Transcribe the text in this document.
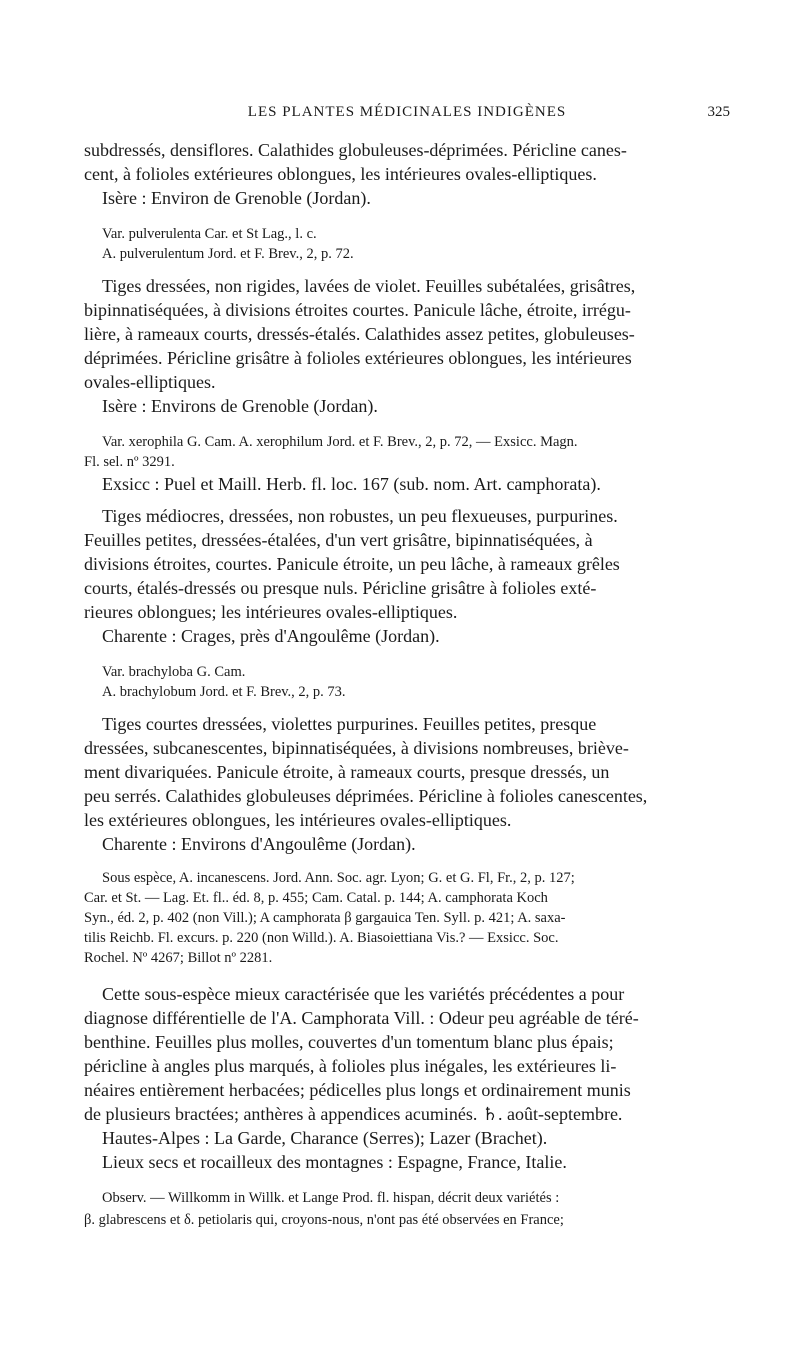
LES PLANTES MÉDICINALES INDIGÈNES	325
subdressés, densiflores. Calathides globuleuses-déprimées. Péricline canes-
cent, à folioles extérieures oblongues, les intérieures ovales-elliptiques.
Isère : Environ de Grenoble (Jordan).
Var. pulverulenta Car. et St Lag., l. c.
A. pulverulentum Jord. et F. Brev., 2, p. 72.
Tiges dressées, non rigides, lavées de violet. Feuilles subétalées, grisâtres,
bipinnatiséquées, à divisions étroites courtes. Panicule lâche, étroite, irrégu-
lière, à rameaux courts, dressés-étalés. Calathides assez petites, globuleuses-
déprimées. Péricline grisâtre à folioles extérieures oblongues, les intérieures
ovales-elliptiques.
Isère : Environs de Grenoble (Jordan).
Var. xerophila G. Cam. A. xerophilum Jord. et F. Brev., 2, p. 72, — Exsicc. Magn.
Fl. sel. nº 3291.
Exsicc : Puel et Maill. Herb. fl. loc. 167 (sub. nom. Art. camphorata).
Tiges médiocres, dressées, non robustes, un peu flexueuses, purpurines.
Feuilles petites, dressées-étalées, d'un vert grisâtre, bipinnatiséquées, à
divisions étroites, courtes. Panicule étroite, un peu lâche, à rameaux grêles
courts, étalés-dressés ou presque nuls. Péricline grisâtre à folioles exté-
rieures oblongues; les intérieures ovales-elliptiques.
Charente : Crages, près d'Angoulême (Jordan).
Var. brachyloba G. Cam.
A. brachylobum Jord. et F. Brev., 2, p. 73.
Tiges courtes dressées, violettes purpurines. Feuilles petites, presque
dressées, subcanescentes, bipinnatiséquées, à divisions nombreuses, briève-
ment divariquées. Panicule étroite, à rameaux courts, presque dressés, un
peu serrés. Calathides globuleuses déprimées. Péricline à folioles canescentes,
les extérieures oblongues, les intérieures ovales-elliptiques.
Charente : Environs d'Angoulême (Jordan).
Sous espèce, A. incanescens. Jord. Ann. Soc. agr. Lyon; G. et G. Fl, Fr., 2, p. 127;
Car. et St. — Lag. Et. fl.. éd. 8, p. 455; Cam. Catal. p. 144; A. camphorata Koch
Syn., éd. 2, p. 402 (non Vill.); A camphorata β gargauica Ten. Syll. p. 421; A. saxa-
tilis Reichb. Fl. excurs. p. 220 (non Willd.). A. Biasoiettiana Vis.? — Exsicc. Soc.
Rochel. Nº 4267; Billot nº 2281.
Cette sous-espèce mieux caractérisée que les variétés précédentes a pour
diagnose différentielle de l'A. Camphorata Vill. : Odeur peu agréable de téré-
benthine. Feuilles plus molles, couvertes d'un tomentum blanc plus épais;
péricline à angles plus marqués, à folioles plus inégales, les extérieures li-
néaires entièrement herbacées; pédicelles plus longs et ordinairement munis
de plusieurs bractées; anthères à appendices acuminés. ♄. août-septembre.
Hautes-Alpes : La Garde, Charance (Serres); Lazer (Brachet).
Lieux secs et rocailleux des montagnes : Espagne, France, Italie.
Observ. — Willkomm in Willk. et Lange Prod. fl. hispan, décrit deux variétés :
β. glabrescens et δ. petiolaris qui, croyons-nous, n'ont pas été observées en France;
